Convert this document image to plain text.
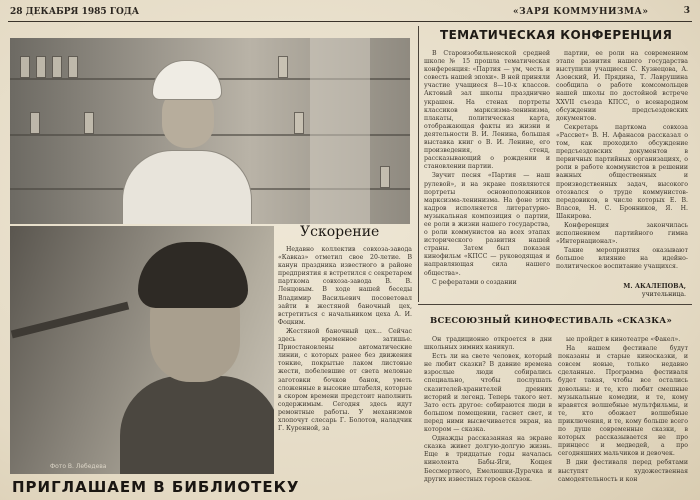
28 ДЕКАБРЯ 1985 ГОДА	«ЗАРЯ КОММУНИЗМА»	3
Фото В. Лебедева
ТЕМАТИЧЕСКАЯ КОНФЕРЕНЦИЯ

В Староизобильненской средней школе № 15 прошла тематическая конференция: «Партия — ум, честь и совесть нашей эпохи». В ней приняли участие учащиеся 8—10-х классов. Актовый зал школы празднично украшен. На стенах портреты классиков марксизма-ленинизма, плакаты, политическая карта, отображающая факты из жизни и деятельности В. И. Ленина, большая выставка книг о В. И. Ленине, его произведения, стенд, рассказывающий о рождении и становлении партии.

Звучит песня «Партия — наш рулевой», и на экране появляются портреты основоположников марксизма-ленинизма. На фоне этих кадров исполняется литературно-музыкальная композиция о партии, ее роли в жизни нашего государства, о роли коммунистов на всех этапах исторического развития нашей страны. Затем был показан кинофильм «КПСС — руководящая и направляющая сила нашего общества».

С рефератами о создании

партии, ее роли на современном этапе развития нашего государства выступили учащиеся С. Кузнецова, А. Азовский, И. Прядина, Т. Лаврушина сообщила о работе комсомольцев нашей школы по достойной встрече XXVII съезда КПСС, о всенародном обсуждении предсъездовских документов.

Секретарь парткома совхоза «Рассвет» В. Н. Афанасов рассказал о том, как проходило обсуждение предсъездовских документов в первичных партийных организациях, о роли в работе коммунистов в решении важных общественных и производственных задач, высокого отозвался о труде коммунистов-передовиков, в числе которых Е. В. Власов, Н. С. Бронников, Я. Н. Шакирова.

Конференция закончилась исполнением партийного гимна «Интернационал».

Такие мероприятия оказывают большое влияние на идейно-политическое воспитание учащихся.

М. АКАЛЕПОВА,
учительница.
Ускорение

Недавно коллектив совхоза-завода «Кавказ» отметил свое 20-летие. В канун праздника известного в районе предприятия я встретился с секретарем парткома совхоза-завода В. В. Ленцовым. В ходе нашей беседы Владимир Васильевич посоветовал зайти в жестяной баночный цех, встретиться с начальником цеха А. И. Фоцким.

Жестяной баночный цех... Сейчас здесь временное затишье. Приостановлены автоматические линии, с которых ранее без движения тонкие, покрытые лаком листовые жести, побелевшие от света меловые заготовки бочков банок, уметь сложенные в высокие штабеля, которые в скором времени предстоит наполнить содержимым. Сегодня здесь идут ремонтные работы. У механизмов хлопочут слесарь Г. Болотов, наладчик Г. Куренной, за

ВСЕСОЮЗНЫЙ КИНОФЕСТИВАЛЬ «СКАЗКА»

Он традиционно откроется в дни школьных зимних каникул.

Есть ли на свете человек, который не любит сказки? В давние времена взрослые люди собирались специально, чтобы послушать сказителей-хранителей древних историй и легенд. Теперь такого нет. Зато есть другое: собираются люди в большом помещении, гаснет свет, и перед ними высвечивается экран, на котором — сказка.

Однажды рассказанная на экране сказка живет долгую-долгую жизнь. Еще в тридцатые годы началась кинолента Бабы-Яги, Кощея Бессмертного, Емелюшки-Дурачка и других известных героев сказок.

ые пройдет в кинотеатре «Факел».

На нашем фестивале будут показаны и старые киносказки, и совсем новые, только недавно сделанные. Программа фестиваля будет такая, чтобы все остались довольны: и те, кто любит смешные музыкальные комедии, и те, кому нравятся волшебные мультфильмы, и те, кто обожает волшебные приключения, и те, кому больше всего по душе современные сказки, в которых рассказывается не про принцесс и медведей, а про сегодняшних мальчиков и девочек.

В дни фестиваля перед ребятами выступят художественная самодеятельность и кон

ПРИГЛАШАЕМ В БИБЛИОТЕКУ
